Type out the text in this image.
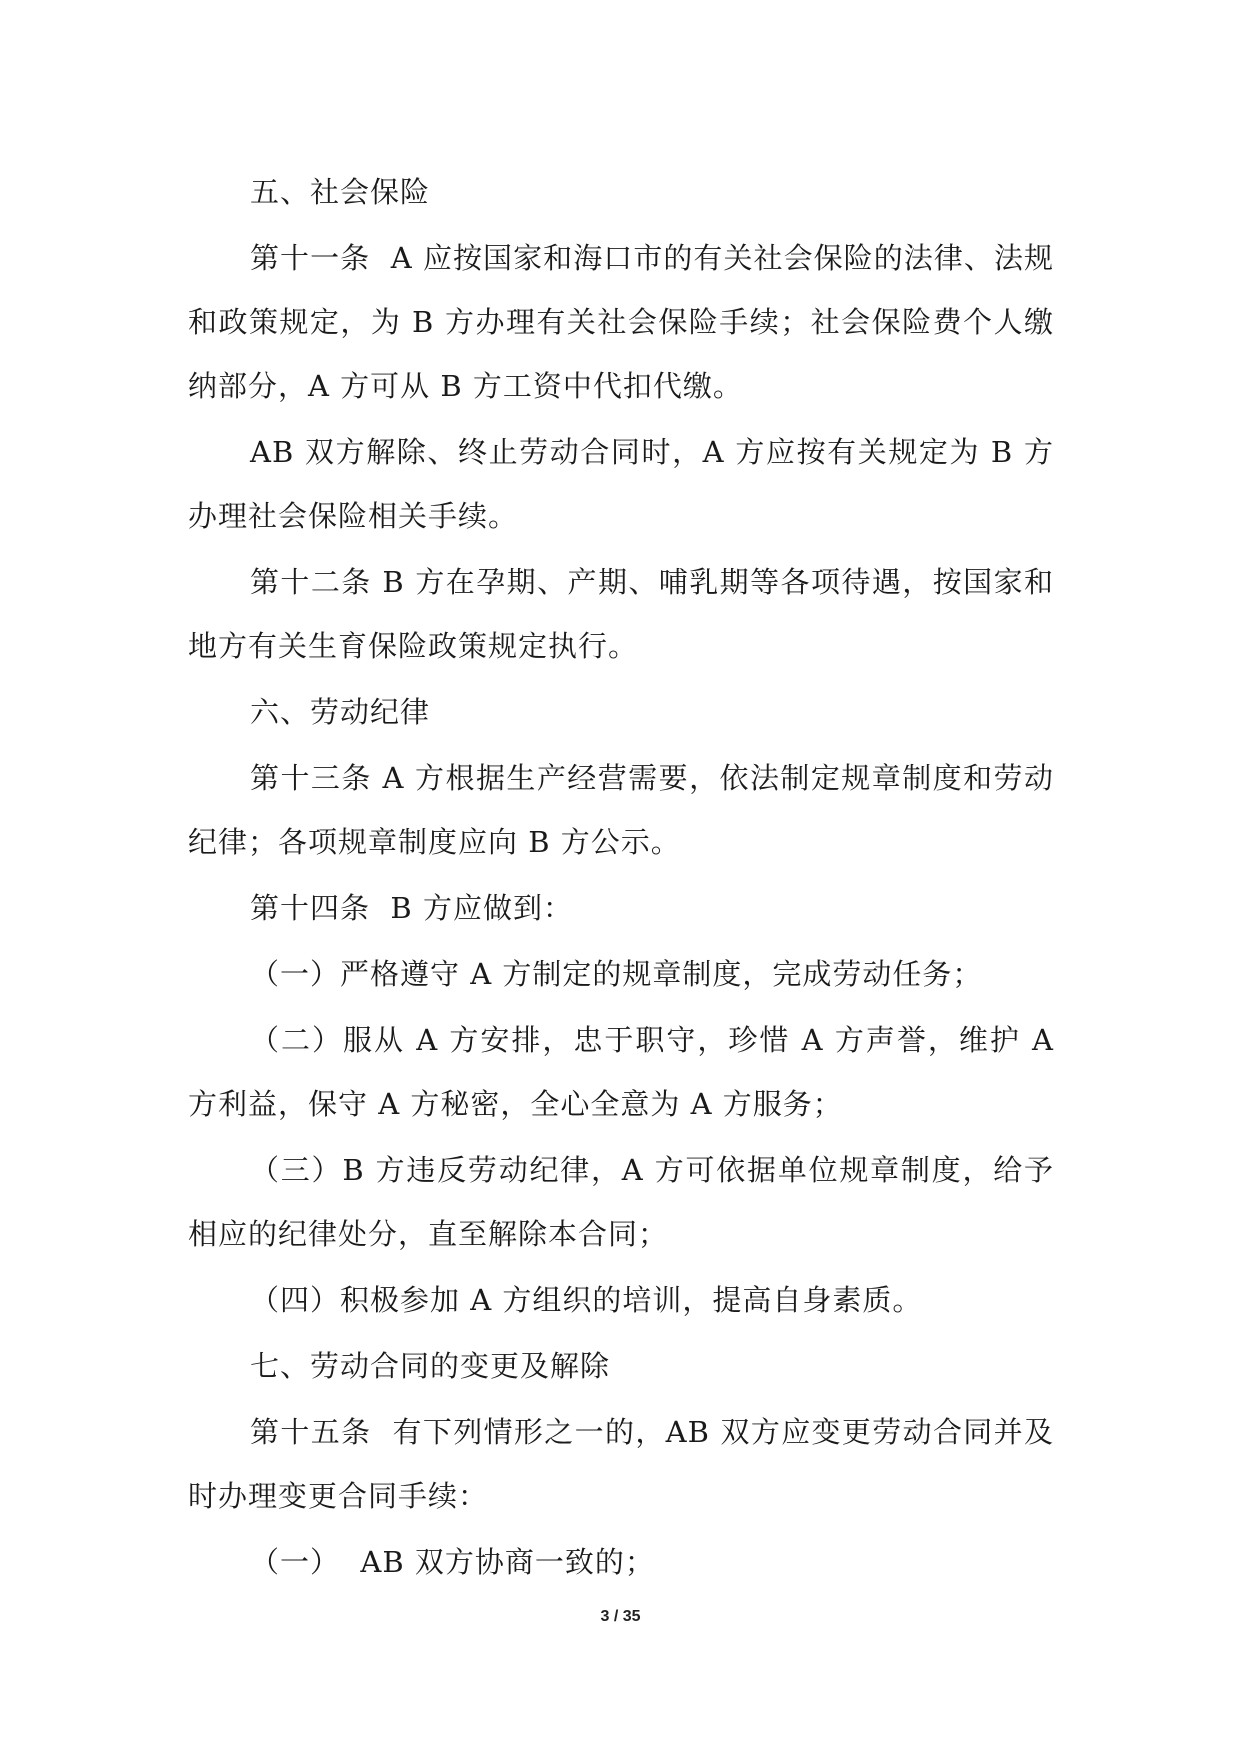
五、社会保险

第十一条  A 应按国家和海口市的有关社会保险的法律、法规和政策规定，为 B 方办理有关社会保险手续；社会保险费个人缴纳部分，A 方可从 B 方工资中代扣代缴。

AB 双方解除、终止劳动合同时，A 方应按有关规定为 B 方办理社会保险相关手续。

第十二条 B 方在孕期、产期、哺乳期等各项待遇，按国家和地方有关生育保险政策规定执行。

六、劳动纪律

第十三条 A 方根据生产经营需要，依法制定规章制度和劳动纪律；各项规章制度应向 B 方公示。

第十四条  B 方应做到：

（一）严格遵守 A 方制定的规章制度，完成劳动任务；

（二）服从 A 方安排，忠于职守，珍惜 A 方声誉，维护 A 方利益，保守 A 方秘密，全心全意为 A 方服务；

（三）B 方违反劳动纪律，A 方可依据单位规章制度，给予相应的纪律处分，直至解除本合同；

（四）积极参加 A 方组织的培训，提高自身素质。

七、劳动合同的变更及解除

第十五条  有下列情形之一的，AB 双方应变更劳动合同并及时办理变更合同手续：

（一）  AB 双方协商一致的；

3 / 35
